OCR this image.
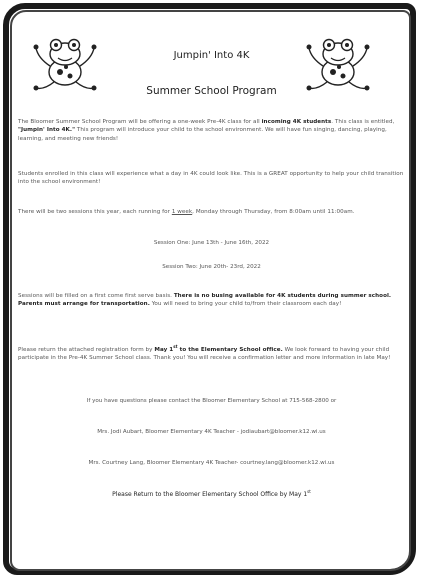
Jumpin' Into 4K
Summer School Program
The Bloomer Summer School Program will be offering a one-week Pre-4K class for all incoming 4K students. This class is entitled, "Jumpin' Into 4K." This program will introduce your child to the school environment. We will have fun singing, dancing, playing, learning, and meeting new friends!
Students enrolled in this class will experience what a day in 4K could look like. This is a GREAT opportunity to help your child transition into the school environment!
There will be two sessions this year, each running for 1 week, Monday through Thursday, from 8:00am until 11:00am.
Session One: June 13th - June 16th, 2022
Session Two: June 20th- 23rd, 2022
Sessions will be filled on a first come first serve basis. There is no busing available for 4K students during summer school. Parents must arrange for transportation. You will need to bring your child to/from their classroom each day!
Please return the attached registration form by May 1st to the Elementary School office. We look forward to having your child participate in the Pre-4K Summer School class. Thank you! You will receive a confirmation letter and more information in late May!
If you have questions please contact the Bloomer Elementary School at 715-568-2800 or
Mrs. Jodi Aubart, Bloomer Elementary 4K Teacher - jodiaubart@bloomer.k12.wi.us
Mrs. Courtney Lang, Bloomer Elementary 4K Teacher- courtney.lang@bloomer.k12.wi.us
Please Return to the Bloomer Elementary School Office by May 1st
